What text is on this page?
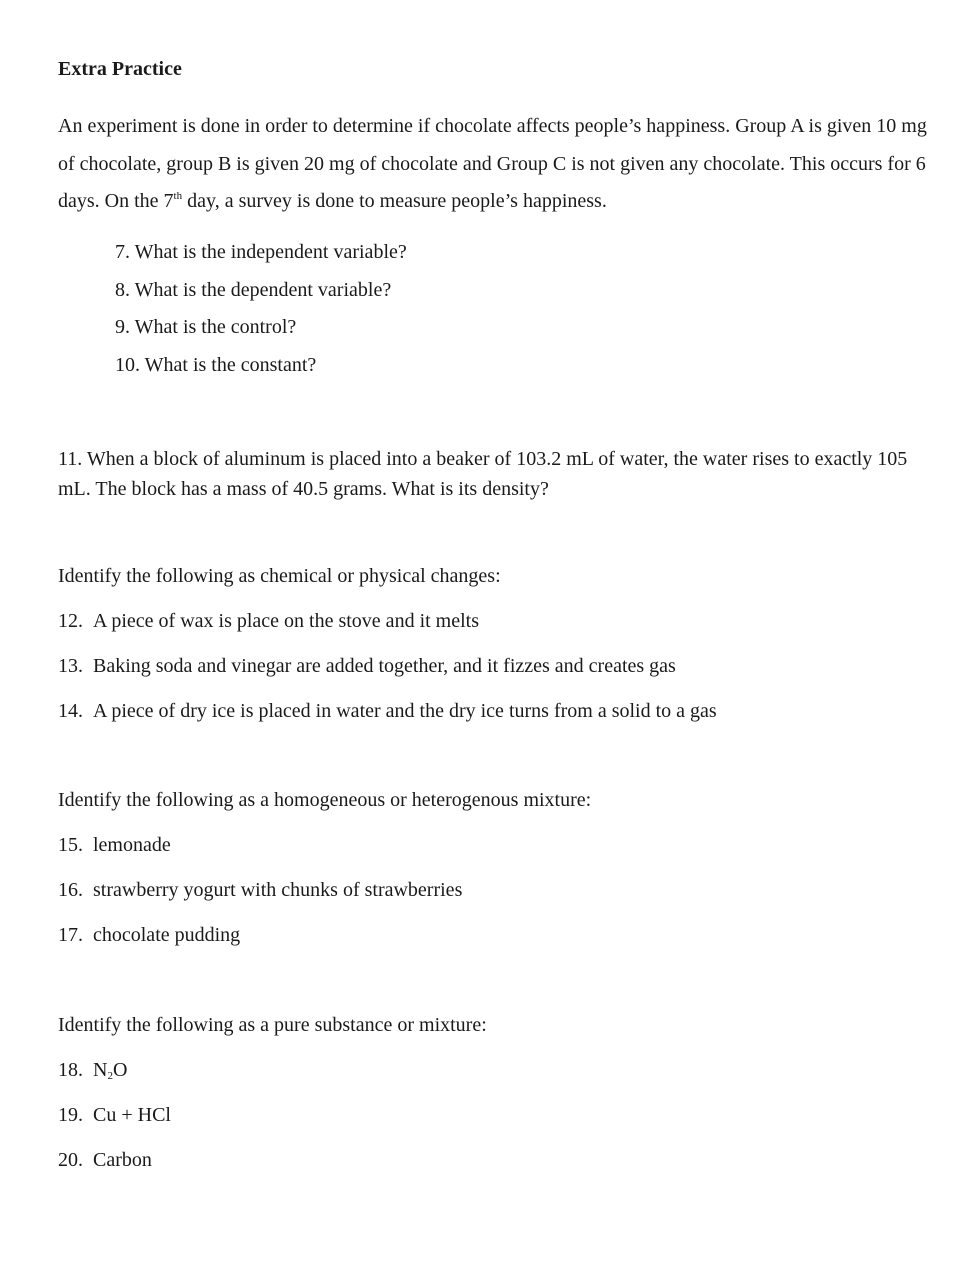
Extra Practice
An experiment is done in order to determine if chocolate affects people’s happiness. Group A is given 10 mg of chocolate, group B is given 20 mg of chocolate and Group C is not given any chocolate. This occurs for 6 days. On the 7th day, a survey is done to measure people’s happiness.
7. What is the independent variable?
8. What is the dependent variable?
9. What is the control?
10. What is the constant?
11. When a block of aluminum is placed into a beaker of 103.2 mL of water, the water rises to exactly 105 mL. The block has a mass of 40.5 grams. What is its density?
Identify the following as chemical or physical changes:
12. A piece of wax is place on the stove and it melts
13. Baking soda and vinegar are added together, and it fizzes and creates gas
14. A piece of dry ice is placed in water and the dry ice turns from a solid to a gas
Identify the following as a homogeneous or heterogenous mixture:
15. lemonade
16. strawberry yogurt with chunks of strawberries
17. chocolate pudding
Identify the following as a pure substance or mixture:
18. $N_2O$
19. Cu + HCl
20. Carbon
